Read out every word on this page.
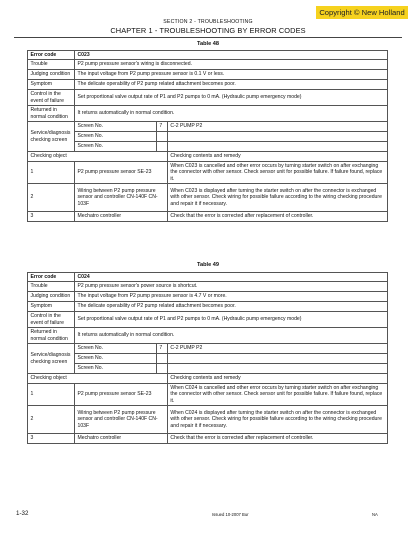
Copyright © New Holland
SECTION 2 - TROUBLESHOOTING
CHAPTER 1 - TROUBLESHOOTING BY ERROR CODES
Table 48
Error code	C023		
Trouble	P2 pump pressure sensor's wiring is disconnected.		
Judging condition	The input voltage from P2 pump pressure sensor is 0.1 V or less.		
Symptom	The delicate operability of P2 pump related attachment becomes poor.		
Control in the event of failure	Set proportional valve output rate of P1 and P2 pumps to 0 mA. (Hydraulic pump emergency mode)		
Returned in normal condition	It returns automatically in normal condition.		
Service/diagnosis checking screen	Screen No.	7	C-2 PUMP P2
	Screen No.		
	Screen No.		
Checking object			Checking contents and remedy
1	P2 pump pressure sensor SE-23		When C023 is cancelled and other error occurs by turning starter switch on after exchanging the connector with other sensor. Check sensor unit for possible failure. If failure found, replace it.
2	Wiring between P2 pump pressure sensor and controller CN-140F CN-103F		When C023 is displayed after turning the starter switch on after the connector is exchanged with other sensor. Check wiring for possible failure according to the wiring checking procedure and repair it if necessary.
3	Mechatro controller		Check that the error is corrected after replacement of controller.
Table 49
Error code	C024		
Trouble	P2 pump pressure sensor's power source is shortcut.		
Judging condition	The input voltage from P2 pump pressure sensor is 4.7 V or more.		
Symptom	The delicate operability of P2 pump related attachment becomes poor.		
Control in the event of failure	Set proportional valve output rate of P1 and P2 pumps to 0 mA. (Hydraulic pump emergency mode)		
Returned in normal condition	It returns automatically in normal condition.		
Service/diagnosis checking screen	Screen No.	7	C-2 PUMP P2
	Screen No.		
	Screen No.		
Checking object			Checking contents and remedy
1	P2 pump pressure sensor SE-23		When C024 is cancelled and other error occurs by turning starter switch on after exchanging the connector with other sensor. Check sensor unit for possible failure. If failure found, replace it.
2	Wiring between P2 pump pressure sensor and controller CN-140F CN-103F		When C024 is displayed after turning the starter switch on after the connector is exchanged with other sensor. Check wiring for possible failure according to the wiring checking procedure and repair it if necessary.
3	Mechatro controller		Check that the error is corrected after replacement of controller.
1-32	Issued 10-2007 Bur	NA
